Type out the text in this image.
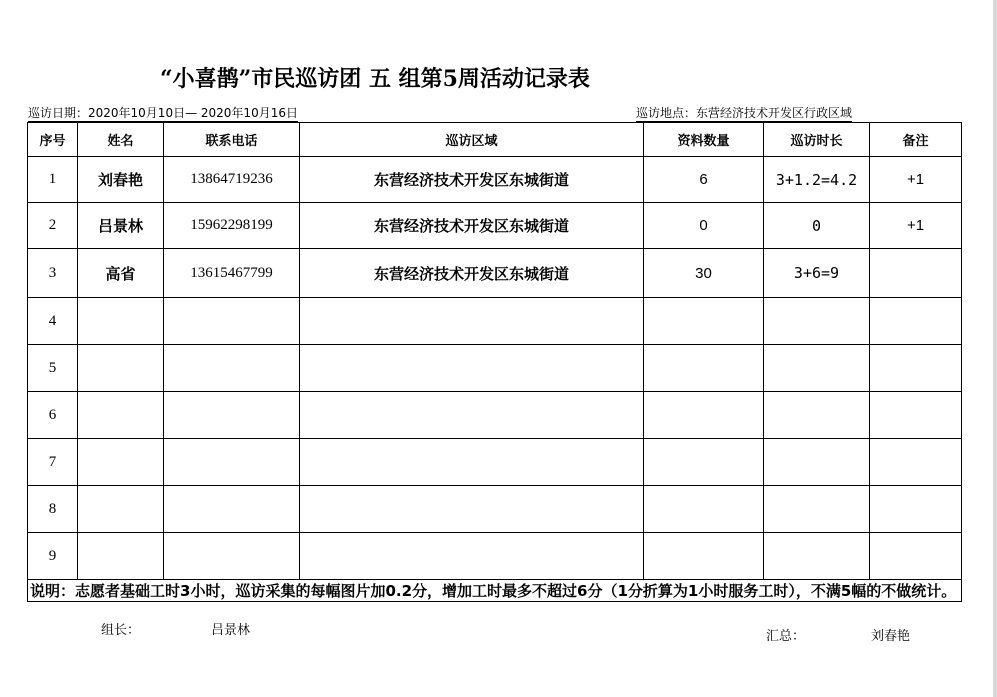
“小喜鹊”市民巡访团 五 组第5周活动记录表
巡访日期：2020年10月10日— 2020年10月16日	巡访地点：东营经济技术开发区行政区域
序号	姓名	联系电话	巡访区域	资料数量	巡访时长	备注
1	刘春艳	13864719236	东营经济技术开发区东城街道	6	3+1.2=4.2	+1
2	吕景林	15962298199	东营经济技术开发区东城街道	0	0	+1
3	高省	13615467799	东营经济技术开发区东城街道	30	3+6=9	
4						
5						
6						
7						
8						
9						
说明：志愿者基础工时3小时，巡访采集的每幅图片加0.2分，增加工时最多不超过6分（1分折算为1小时服务工时），不满5幅的不做统计。						
组长：	吕景林	汇总：	刘春艳
